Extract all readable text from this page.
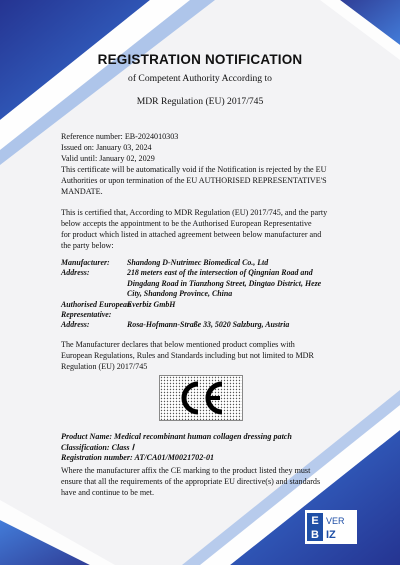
REGISTRATION NOTIFICATION
of Competent Authority According to
MDR Regulation (EU) 2017/745
Reference number: EB-2024010303
Issued on: January 03, 2024
Valid until: January 02, 2029
This certificate will be automatically void if the Notification is rejected by the EU
Authorities or upon termination of the EU AUTHORISED REPRESENTATIVE'S
MANDATE.
This is certified that, According to MDR Regulation (EU) 2017/745, and the party
below accepts the appointment to be the Authorised European Representative
for product which listed in attached agreement between below manufacturer and
the party below:
Manufacturer:	Shandong D-Nutrimec Biomedical Co., Ltd
Address:	218 meters east of the intersection of Qingnian Road and
Dingdang Road in Tianzhong Street, Dingtao District, Heze
City, Shandong Province, China
Authorised European
Representative:
Everbiz GmbH
Address:	Rosa-Hofmann-Straße 33, 5020 Salzburg, Austria
The Manufacturer declares that below mentioned product complies with
European Regulations, Rules and Standards including but not limited to MDR
Regulation (EU) 2017/745
Product Name: Medical recombinant human collagen dressing patch
Classification: Class Ⅰ
Registration number: AT/CA01/M0021702-01
Where the manufacturer affix the CE marking to the product listed they must
ensure that all the requirements of the appropriate EU directive(s) and standards
have and continue to be met.
E
B
VER
IZ
